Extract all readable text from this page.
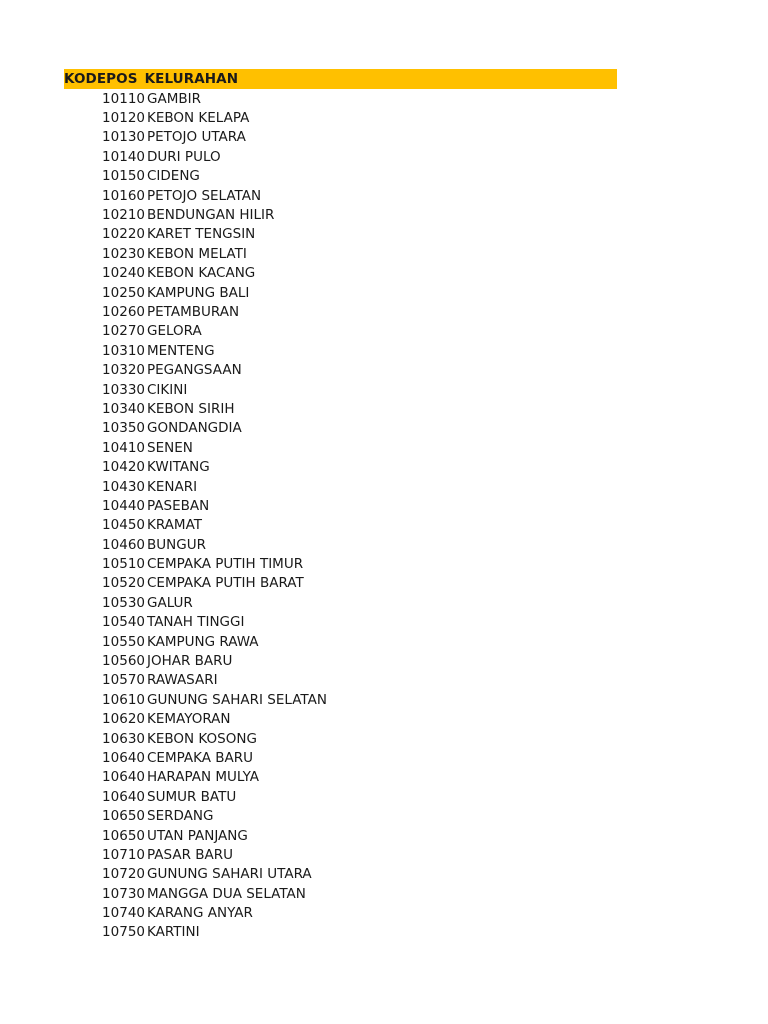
KODEPOS KELURAHAN
10110 GAMBIR
10120 KEBON KELAPA
10130 PETOJO UTARA
10140 DURI PULO
10150 CIDENG
10160 PETOJO SELATAN
10210 BENDUNGAN HILIR
10220 KARET TENGSIN
10230 KEBON MELATI
10240 KEBON KACANG
10250 KAMPUNG BALI
10260 PETAMBURAN
10270 GELORA
10310 MENTENG
10320 PEGANGSAAN
10330 CIKINI
10340 KEBON SIRIH
10350 GONDANGDIA
10410 SENEN
10420 KWITANG
10430 KENARI
10440 PASEBAN
10450 KRAMAT
10460 BUNGUR
10510 CEMPAKA PUTIH TIMUR
10520 CEMPAKA PUTIH BARAT
10530 GALUR
10540 TANAH TINGGI
10550 KAMPUNG RAWA
10560 JOHAR BARU
10570 RAWASARI
10610 GUNUNG SAHARI SELATAN
10620 KEMAYORAN
10630 KEBON KOSONG
10640 CEMPAKA BARU
10640 HARAPAN MULYA
10640 SUMUR BATU
10650 SERDANG
10650 UTAN PANJANG
10710 PASAR BARU
10720 GUNUNG SAHARI UTARA
10730 MANGGA DUA SELATAN
10740 KARANG ANYAR
10750 KARTINI
